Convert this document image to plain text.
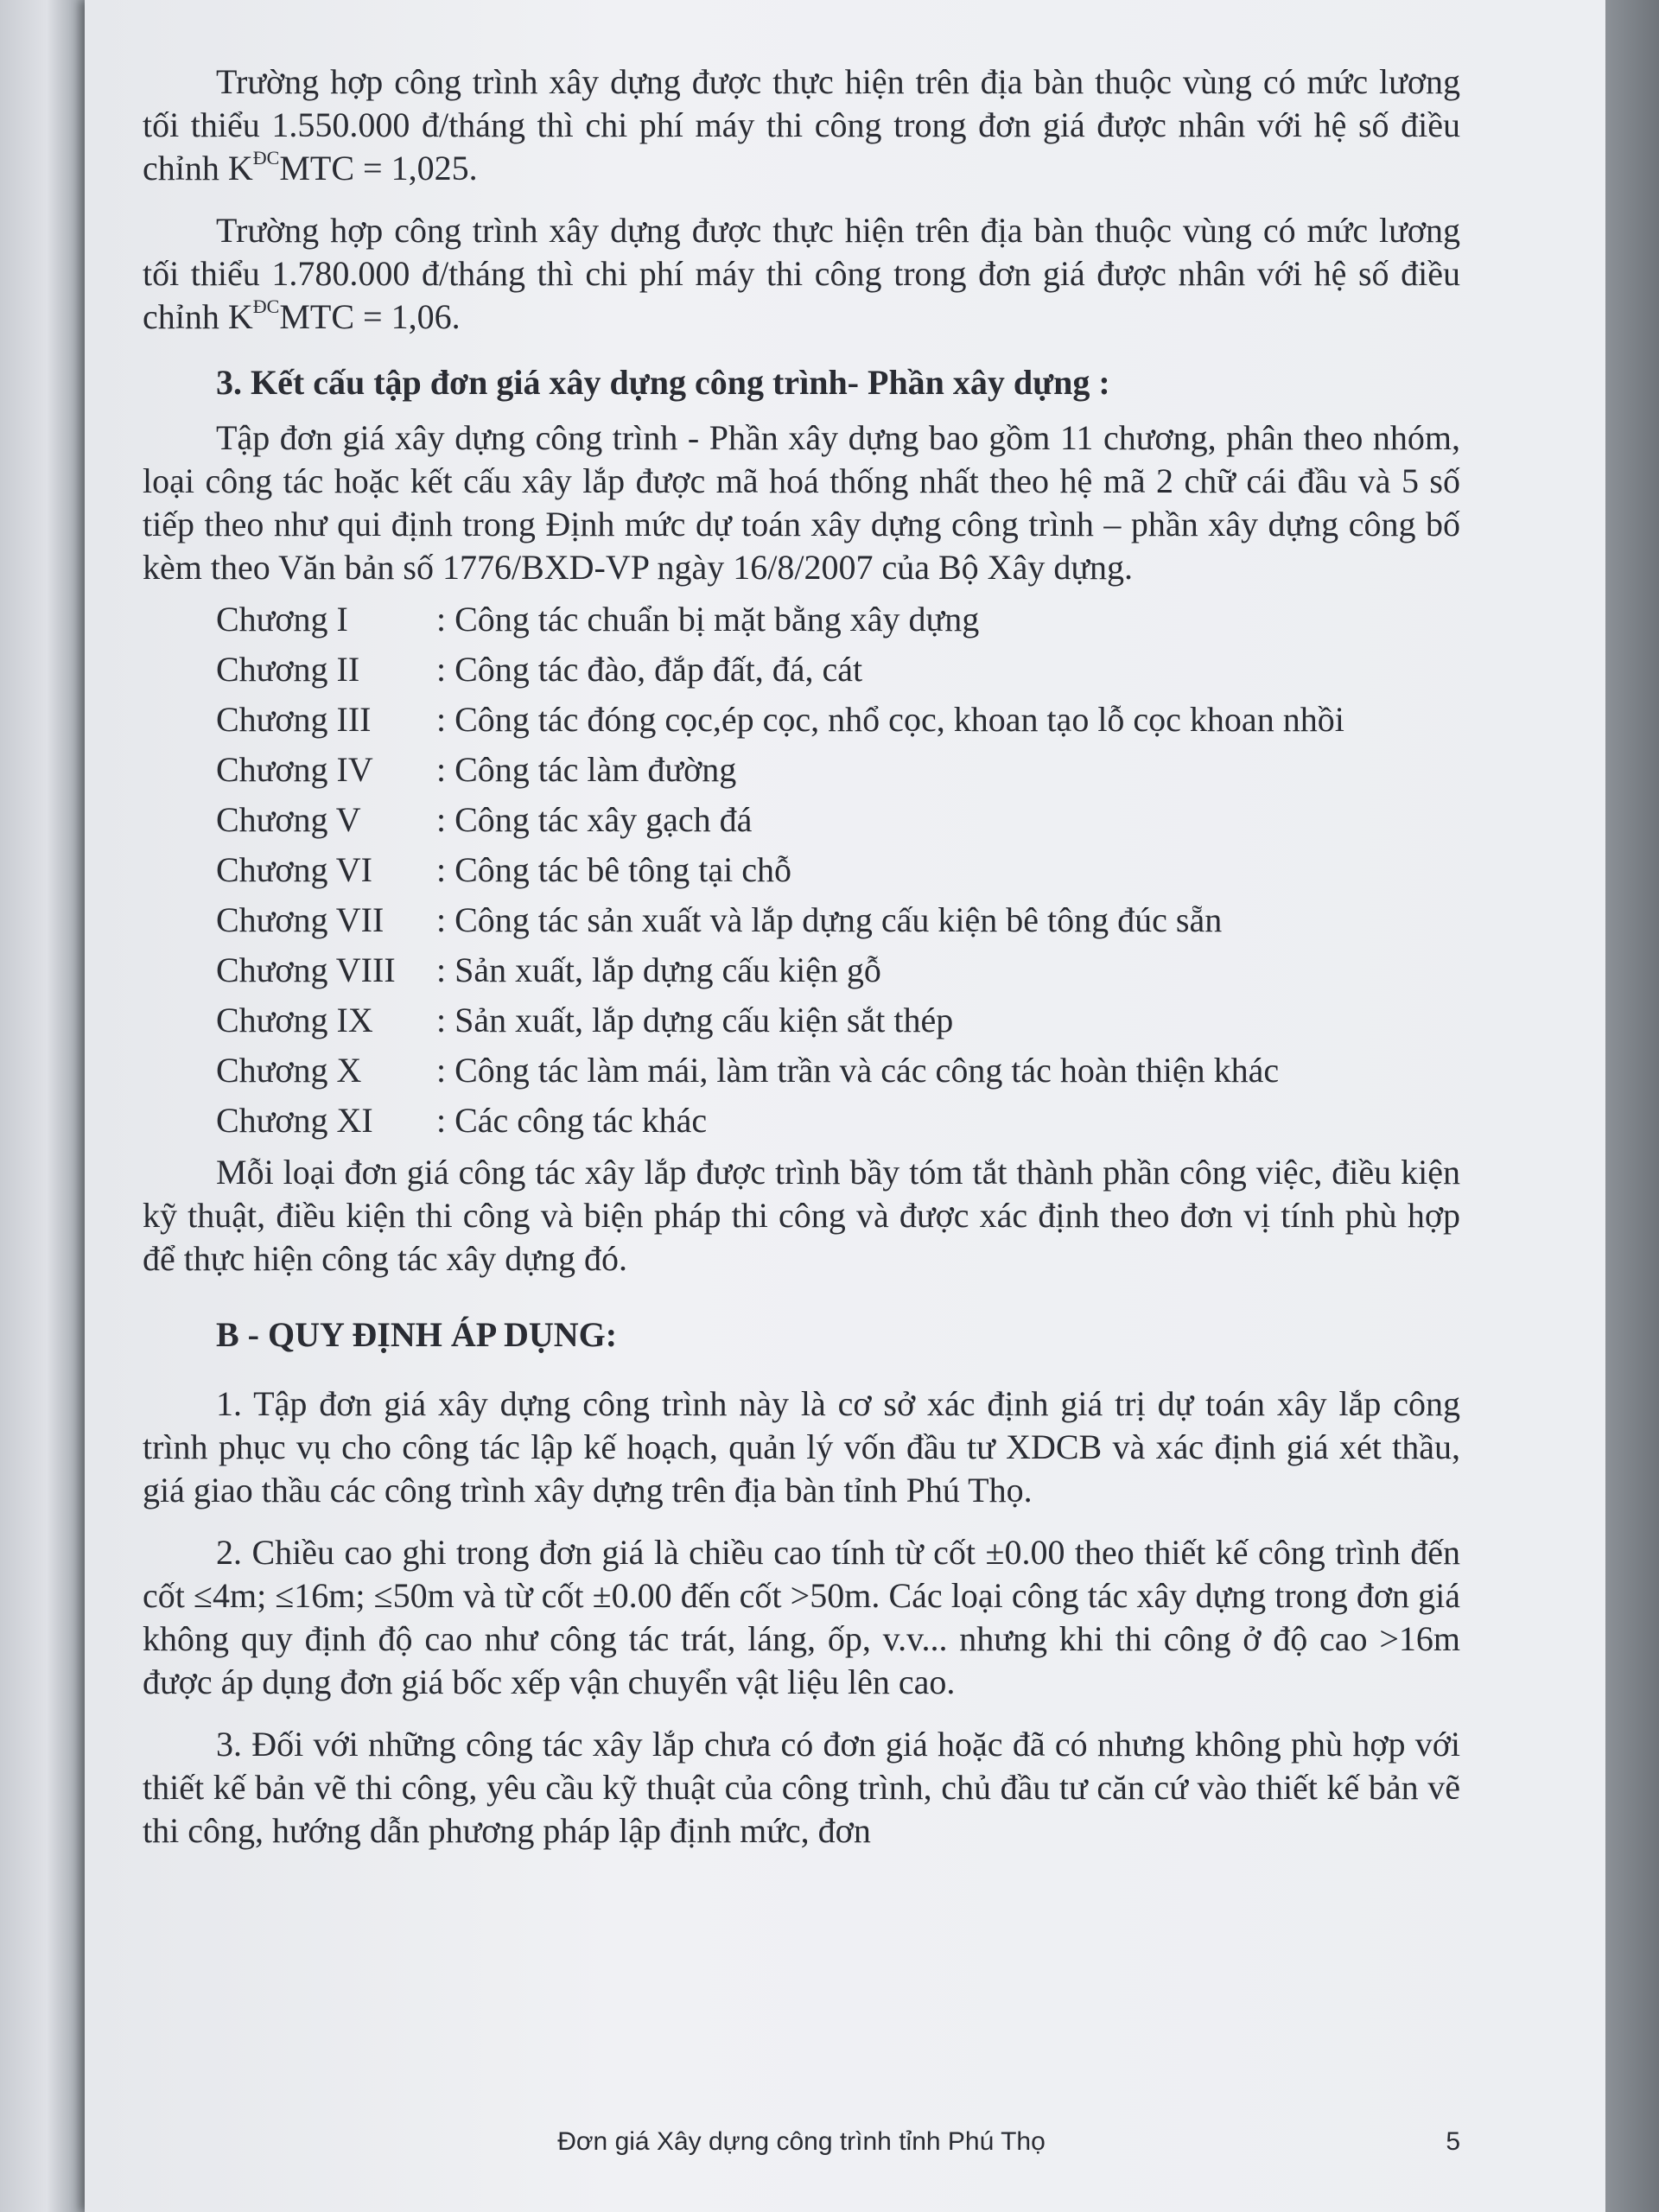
Trường hợp công trình xây dựng được thực hiện trên địa bàn thuộc vùng có mức lương tối thiểu 1.550.000 đ/tháng thì chi phí máy thi công trong đơn giá được nhân với hệ số điều chỉnh $K^{ĐC}MTC = 1,025$.

Trường hợp công trình xây dựng được thực hiện trên địa bàn thuộc vùng có mức lương tối thiểu 1.780.000 đ/tháng thì chi phí máy thi công trong đơn giá được nhân với hệ số điều chỉnh $K^{ĐC}MTC = 1,06$.

3. Kết cấu tập đơn giá xây dựng công trình- Phần xây dựng :

Tập đơn giá xây dựng công trình - Phần xây dựng bao gồm 11 chương, phân theo nhóm, loại công tác hoặc kết cấu xây lắp được mã hoá thống nhất theo hệ mã 2 chữ cái đầu và 5 số tiếp theo như qui định trong Định mức dự toán xây dựng công trình – phần xây dựng công bố kèm theo Văn bản số 1776/BXD-VP ngày 16/8/2007 của Bộ Xây dựng.

Chương I	: Công tác chuẩn bị mặt bằng xây dựng
Chương II	: Công tác đào, đắp đất, đá, cát
Chương III	: Công tác đóng cọc,ép cọc, nhổ cọc, khoan tạo lỗ cọc khoan nhồi
Chương IV	: Công tác làm đường
Chương V	: Công tác xây gạch đá
Chương VI	: Công tác bê tông tại chỗ
Chương VII	: Công tác sản xuất và lắp dựng cấu kiện bê tông đúc sẵn
Chương VIII	: Sản xuất, lắp dựng cấu kiện gỗ
Chương IX	: Sản xuất, lắp dựng cấu kiện sắt thép
Chương X	: Công tác làm mái, làm trần và các công tác hoàn thiện khác
Chương XI	: Các công tác khác

Mỗi loại đơn giá công tác xây lắp được trình bầy tóm tắt thành phần công việc, điều kiện kỹ thuật, điều kiện thi công và biện pháp thi công và được xác định theo đơn vị tính phù hợp để thực hiện công tác xây dựng đó.

B - QUY ĐỊNH ÁP DỤNG:

1. Tập đơn giá xây dựng công trình này là cơ sở xác định giá trị dự toán xây lắp công trình phục vụ cho công tác lập kế hoạch, quản lý vốn đầu tư XDCB và xác định giá xét thầu, giá giao thầu các công trình xây dựng trên địa bàn tỉnh Phú Thọ.

2. Chiều cao ghi trong đơn giá là chiều cao tính từ cốt ±0.00 theo thiết kế công trình đến cốt ≤4m; ≤16m; ≤50m và từ cốt ±0.00 đến cốt >50m. Các loại công tác xây dựng trong đơn giá không quy định độ cao như công tác trát, láng, ốp, v.v... nhưng khi thi công ở độ cao >16m được áp dụng đơn giá bốc xếp vận chuyển vật liệu lên cao.

3. Đối với những công tác xây lắp chưa có đơn giá hoặc đã có nhưng không phù hợp với thiết kế bản vẽ thi công, yêu cầu kỹ thuật của công trình, chủ đầu tư căn cứ vào thiết kế bản vẽ thi công, hướng dẫn phương pháp lập định mức, đơn

Đơn giá Xây dựng công trình tỉnh Phú Thọ	5
